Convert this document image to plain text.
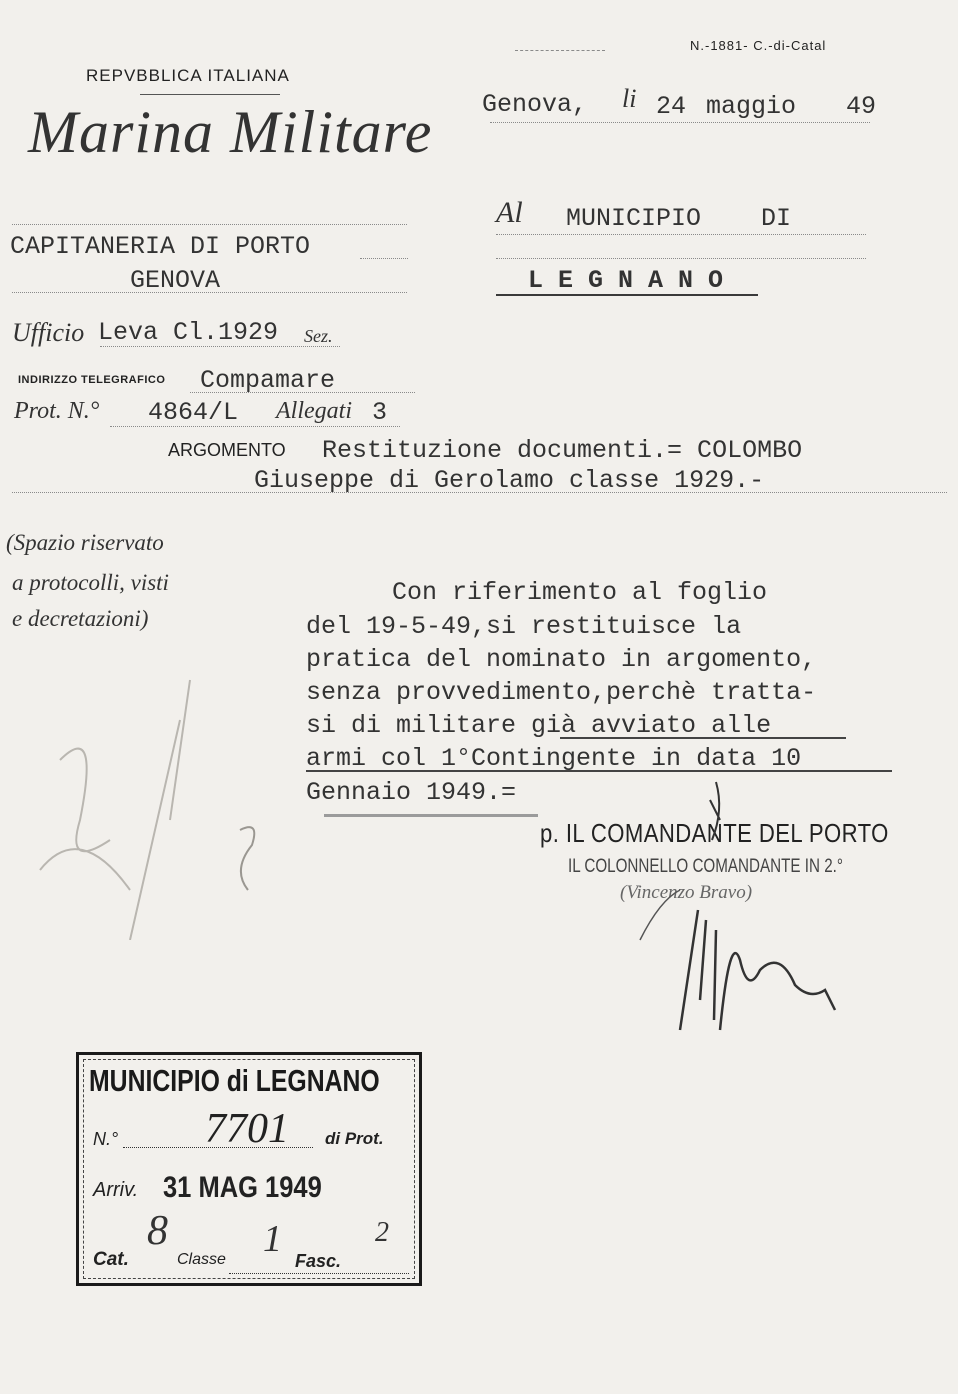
N.-1881- C.-di-Catal
REPVBBLICA ITALIANA
Marina Militare
CAPITANERIA DI PORTO
GENOVA
Ufficio Leva Cl.1929 Sez.
INDIRIZZO TELEGRAFICO Compamare
Prot. N.° 4864/L Allegati 3
Genova, li 24 maggio 49
Al MUNICIPIO    DI
L E G N A N O
ARGOMENTO Restituzione documenti.= COLOMBO
Giuseppe di Gerolamo classe 1929.-
(Spazio riservato
a protocolli, visti
e decretazioni)
Con riferimento al foglio
del 19-5-49,si restituisce la
pratica del nominato in argomento,
senza provvedimento,perchè tratta-
si di militare già avviato alle
armi col 1°Contingente in data 10
Gennaio 1949.=
p. IL COMANDANTE DEL PORTO
IL COLONNELLO COMANDANTE IN 2.°
(Vincenzo Bravo)
MUNICIPIO di LEGNANO
N.° 7701 di Prot.
Arriv. 31 MAG 1949
Cat.
8
Classe 1
Fasc.
2
